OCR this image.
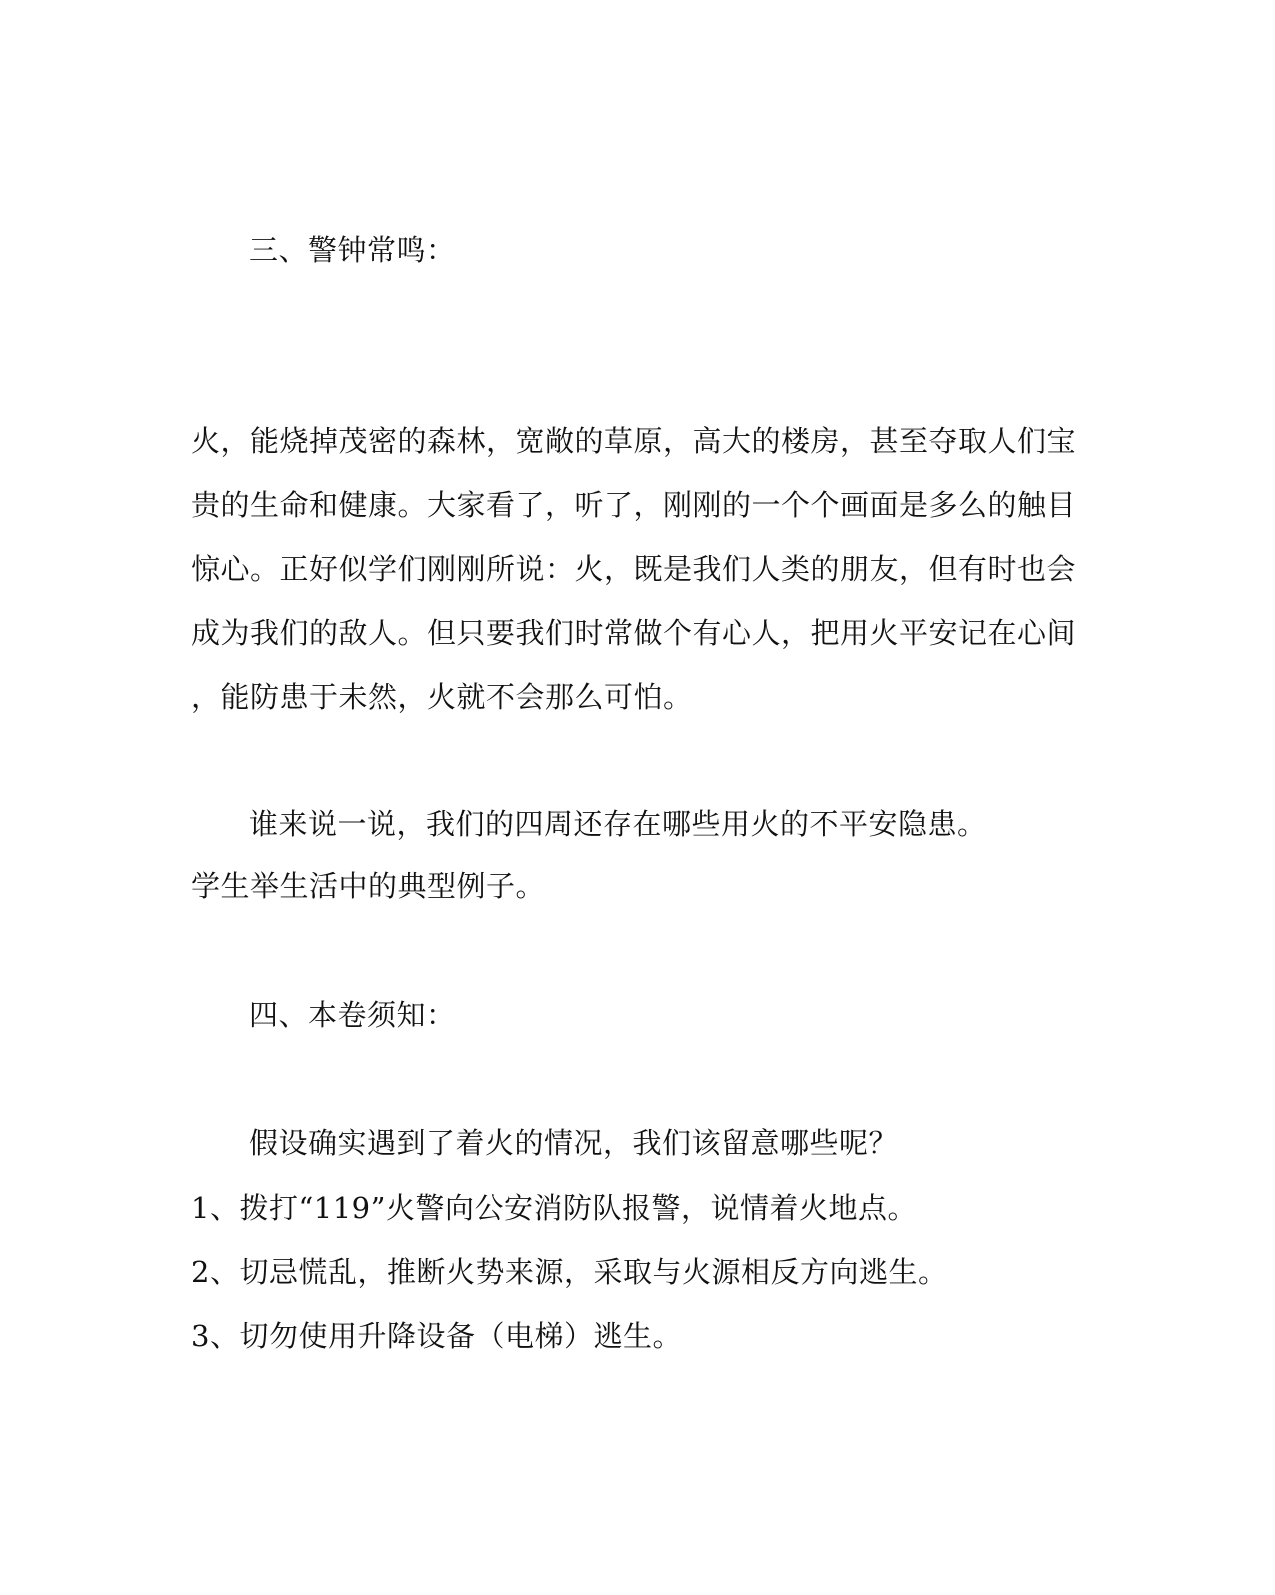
三、警钟常鸣：
火，能烧掉茂密的森林，宽敞的草原，高大的楼房，甚至夺取人们宝
贵的生命和健康。大家看了，听了，刚刚的一个个画面是多么的触目
惊心。正好似学们刚刚所说：火，既是我们人类的朋友，但有时也会
成为我们的敌人。但只要我们时常做个有心人，把用火平安记在心间
，能防患于未然，火就不会那么可怕。
谁来说一说，我们的四周还存在哪些用火的不平安隐患。
学生举生活中的典型例子。
四、本卷须知：
假设确实遇到了着火的情况，我们该留意哪些呢？
1、拨打“119”火警向公安消防队报警，说情着火地点。
2、切忌慌乱，推断火势来源，采取与火源相反方向逃生。
3、切勿使用升降设备（电梯）逃生。
